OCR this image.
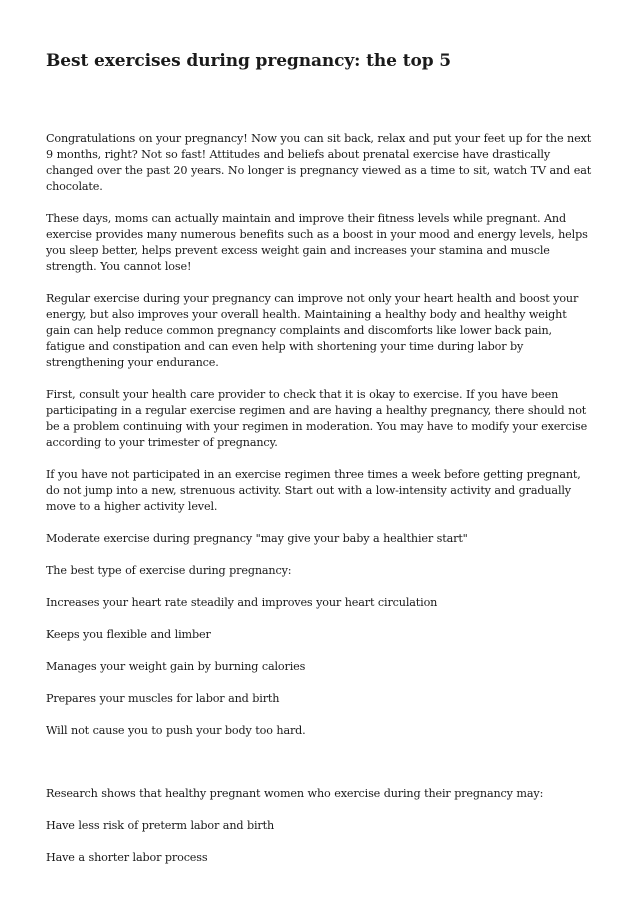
Best exercises during pregnancy: the top 5

Congratulations on your pregnancy! Now you can sit back, relax and put your feet up for the next 9 months, right? Not so fast! Attitudes and beliefs about prenatal exercise have drastically changed over the past 20 years. No longer is pregnancy viewed as a time to sit, watch TV and eat chocolate.

These days, moms can actually maintain and improve their fitness levels while pregnant. And exercise provides many numerous benefits such as a boost in your mood and energy levels, helps you sleep better, helps prevent excess weight gain and increases your stamina and muscle strength. You cannot lose!

Regular exercise during your pregnancy can improve not only your heart health and boost your energy, but also improves your overall health. Maintaining a healthy body and healthy weight gain can help reduce common pregnancy complaints and discomforts like lower back pain, fatigue and constipation and can even help with shortening your time during labor by strengthening your endurance.

First, consult your health care provider to check that it is okay to exercise. If you have been participating in a regular exercise regimen and are having a healthy pregnancy, there should not be a problem continuing with your regimen in moderation. You may have to modify your exercise according to your trimester of pregnancy.

If you have not participated in an exercise regimen three times a week before getting pregnant, do not jump into a new, strenuous activity. Start out with a low-intensity activity and gradually move to a higher activity level.

Moderate exercise during pregnancy "may give your baby a healthier start"

The best type of exercise during pregnancy:

Increases your heart rate steadily and improves your heart circulation

Keeps you flexible and limber

Manages your weight gain by burning calories

Prepares your muscles for labor and birth

Will not cause you to push your body too hard.

Research shows that healthy pregnant women who exercise during their pregnancy may:

Have less risk of preterm labor and birth

Have a shorter labor process
